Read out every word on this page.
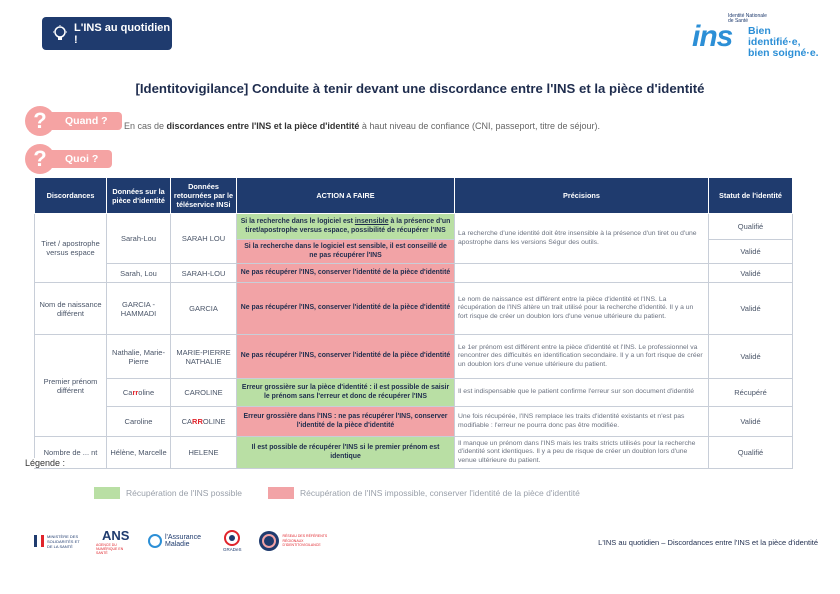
L'INS au quotidien !	ins
Identité Nationale de Santé
Bien identifié·e,
bien soigné·e.
[Identitovigilance] Conduite à tenir devant une discordance entre l'INS et la pièce d'identité
?	Quand ?	En cas de discordances entre l'INS et la pièce d'identité à haut niveau de confiance (CNI, passeport, titre de séjour).
?	Quoi ?
Discordances	Données sur la pièce d'identité	Données retournées par le téléservice INSi	ACTION A FAIRE	Précisions	Statut de l'identité
Tiret / apostrophe versus espace	Sarah-Lou	SARAH LOU	Si la recherche dans le logiciel est insensible à la présence d'un tiret/apostrophe versus espace, possibilité de récupérer l'INS	La recherche d'une identité doit être insensible à la présence d'un tiret ou d'une apostrophe dans les versions Ségur des outils.	Qualifié
			Si la recherche dans le logiciel est sensible, il est conseillé de ne pas récupérer l'INS		Validé
	Sarah, Lou	SARAH-LOU	Ne pas récupérer l'INS, conserver l'identité de la pièce d'identité		Validé
Nom de naissance différent	GARCIA - HAMMADI	GARCIA	Ne pas récupérer l'INS, conserver l'identité de la pièce d'identité	Le nom de naissance est différent entre la pièce d'identité et l'INS. La récupération de l'INS altère un trait utilisé pour la recherche d'identité. Il y a un fort risque de créer un doublon lors d'une venue ultérieure du patient.	Validé
Premier prénom différent	Nathalie, Marie-Pierre	MARIE-PIERRE NATHALIE	Ne pas récupérer l'INS, conserver l'identité de la pièce d'identité	Le 1er prénom est différent entre la pièce d'identité et l'INS. Le professionnel va rencontrer des difficultés en identification secondaire. Il y a un fort risque de créer un doublon lors d'une venue ultérieure du patient.	Validé
	Carroline	CAROLINE	Erreur grossière sur la pièce d'identité : il est possible de saisir le prénom sans l'erreur et donc de récupérer l'INS	Il est indispensable que le patient confirme l'erreur sur son document d'identité	Récupéré
	Caroline	CARROLINE	Erreur grossière dans l'INS : ne pas récupérer l'INS, conserver l'identité de la pièce d'identité	Une fois récupérée, l'INS remplace les traits d'identité existants et n'est pas modifiable : l'erreur ne pourra donc pas être modifiée.	Validé
Nombre de ... nt	Hélène, Marcelle	HELENE	Il est possible de récupérer l'INS si le premier prénom est identique	Il manque un prénom dans l'INS mais les traits stricts utilisés pour la recherche d'identité sont identiques. Il y a peu de risque de créer un doublon lors d'une venue ultérieure du patient.	Qualifié
Légende :
Récupération de l'INS possible	Récupération de l'INS impossible, conserver l'identité de la pièce d'identité
MINISTÈRE DES SOLIDARITÉS ET DE LA SANTÉ
ANS
AGENCE DU NUMÉRIQUE EN SANTÉ
l'Assurance Maladie
GRADeS
RÉSEAU DES RÉFÉRENTS RÉGIONAUX D'IDENTITOVIGILANCE	L'INS au quotidien – Discordances entre l'INS et la pièce d'identité
